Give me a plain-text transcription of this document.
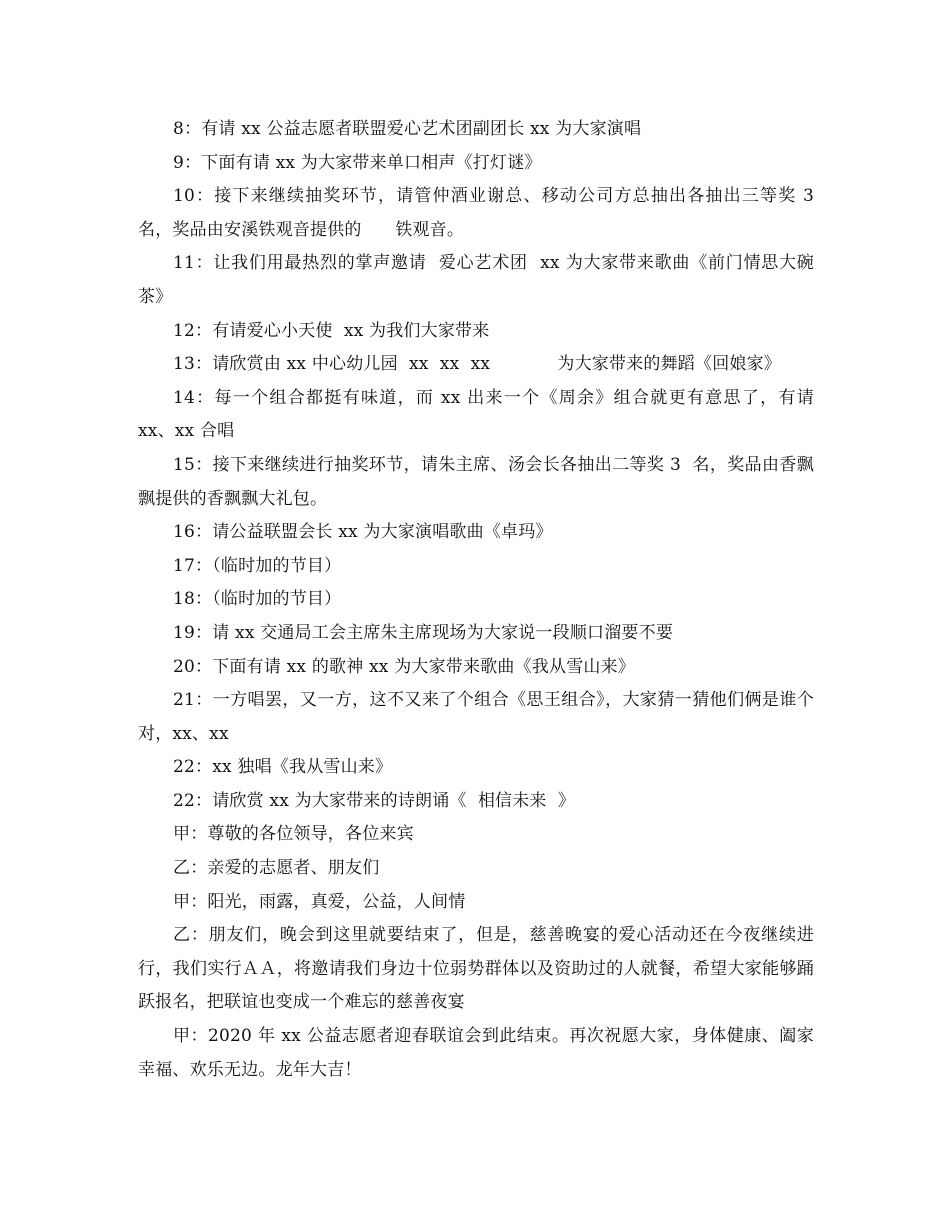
8：有请 xx 公益志愿者联盟爱心艺术团副团长 xx 为大家演唱

9：下面有请 xx 为大家带来单口相声《打灯谜》

10：接下来继续抽奖环节，请管仲酒业谢总、移动公司方总抽出各抽出三等奖 3  名，奖品由安溪铁观音提供的      铁观音。

11：让我们用最热烈的掌声邀请  爱心艺术团  xx 为大家带来歌曲《前门情思大碗茶》

12：有请爱心小天使  xx 为我们大家带来

13：请欣赏由 xx 中心幼儿园  xx  xx  xx            为大家带来的舞蹈《回娘家》

14：每一个组合都挺有味道，而 xx 出来一个《周余》组合就更有意思了，有请 xx、xx 合唱

15：接下来继续进行抽奖环节，请朱主席、汤会长各抽出二等奖 3  名，奖品由香飘飘提供的香飘飘大礼包。

16：请公益联盟会长 xx 为大家演唱歌曲《卓玛》

17：（临时加的节目）

18：（临时加的节目）

19：请 xx 交通局工会主席朱主席现场为大家说一段顺口溜要不要

20：下面有请 xx 的歌神 xx 为大家带来歌曲《我从雪山来》

21：一方唱罢，又一方，这不又来了个组合《思王组合》，大家猜一猜他们俩是谁个  对，xx、xx

22：xx 独唱《我从雪山来》

22：请欣赏 xx 为大家带来的诗朗诵《  相信未来  》

甲：尊敬的各位领导，各位来宾

乙：亲爱的志愿者、朋友们

甲：阳光，雨露，真爱，公益，人间情

乙：朋友们，晚会到这里就要结束了，但是，慈善晚宴的爱心活动还在今夜继续进行，我们实行ＡＡ，将邀请我们身边十位弱势群体以及资助过的人就餐，希望大家能够踊跃报名，把联谊也变成一个难忘的慈善夜宴

甲：2020 年 xx 公益志愿者迎春联谊会到此结束。再次祝愿大家，身体健康、阖家幸福、欢乐无边。龙年大吉！
